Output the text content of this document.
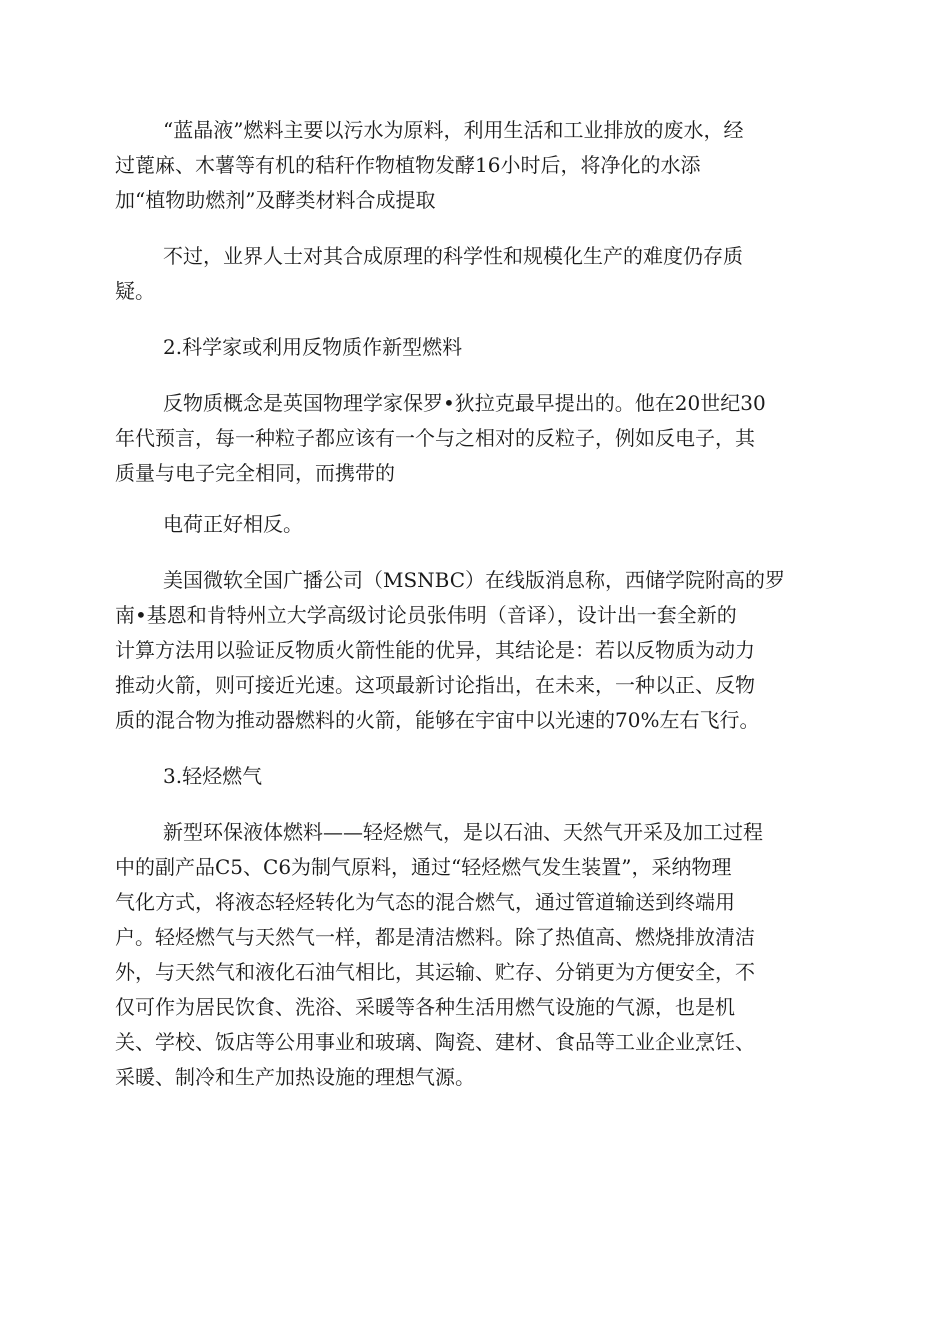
“蓝晶液”燃料主要以污水为原料，利用生活和工业排放的废水，经
过蓖麻、木薯等有机的秸秆作物植物发酵16小时后，将净化的水添
加“植物助燃剂”及酵类材料合成提取
不过，业界人士对其合成原理的科学性和规模化生产的难度仍存质
疑。
2.科学家或利用反物质作新型燃料
反物质概念是英国物理学家保罗•狄拉克最早提出的。他在20世纪30
年代预言，每一种粒子都应该有一个与之相对的反粒子，例如反电子，其
质量与电子完全相同，而携带的
电荷正好相反。
美国微软全国广播公司（MSNBC）在线版消息称，西储学院附高的罗
南•基恩和肯特州立大学高级讨论员张伟明（音译），设计出一套全新的
计算方法用以验证反物质火箭性能的优异，其结论是：若以反物质为动力
推动火箭，则可接近光速。这项最新讨论指出，在未来，一种以正、反物
质的混合物为推动器燃料的火箭，能够在宇宙中以光速的70%左右飞行。
3.轻烃燃气
新型环保液体燃料——轻烃燃气，是以石油、天然气开采及加工过程
中的副产品C5、C6为制气原料，通过“轻烃燃气发生装置”，采纳物理
气化方式，将液态轻烃转化为气态的混合燃气，通过管道输送到终端用
户。轻烃燃气与天然气一样，都是清洁燃料。除了热值高、燃烧排放清洁
外，与天然气和液化石油气相比，其运输、贮存、分销更为方便安全，不
仅可作为居民饮食、洗浴、采暖等各种生活用燃气设施的气源，也是机
关、学校、饭店等公用事业和玻璃、陶瓷、建材、食品等工业企业烹饪、
采暖、制冷和生产加热设施的理想气源。
